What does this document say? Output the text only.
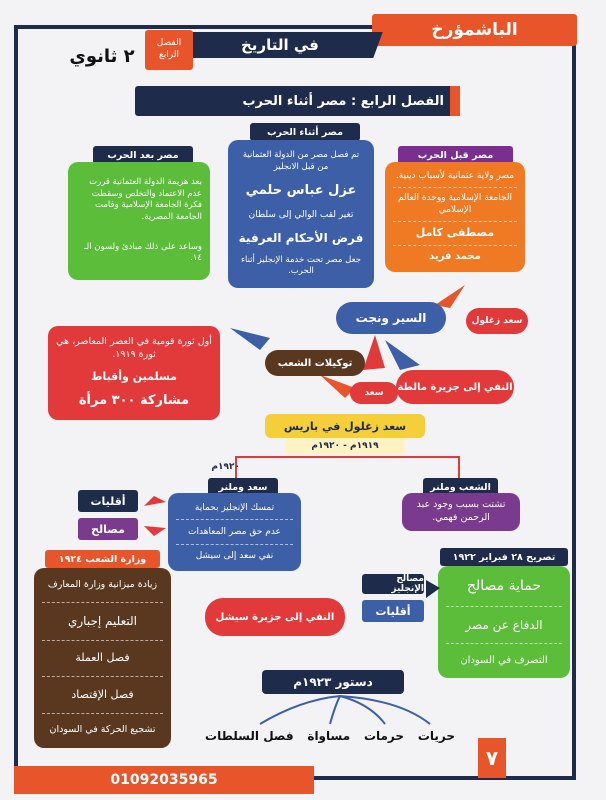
الباشمؤرخ
في التاريخ
الفصل
الرابع
٢ ثانوي
الفصل الرابع : مصر أثناء الحرب
مصر قبل الحرب
مصر ولاية عثمانية لأسباب دينية.
الجامعة الإسلامية ووحدة العالم الإسلامي
مصطفى كامل
محمد فريد
مصر أثناء الحرب
تم فصل مصر من الدولة العثمانية من قبل الانجليز
عزل عباس حلمي
تغير لقب الوالي إلى سلطان
فرض الأحكام العرفية
جعل مصر تحت خدمة الإنجليز أثناء الحرب.
مصر بعد الحرب
بعد هزيمة الدولة العثمانية قررت عدم الاعتماد والتخلص وسقطت فكرة الجامعة الإسلامية وقامت الجامعة المصرية.
وساعد على ذلك مبادئ ولسون الـ ١٤.
سعد زغلول
السير ونجت
توكيلات الشعب
سعد
النفي إلى جزيرة مالطة
أول ثورة قومية في العصر المعاصر، هي ثورة ١٩١٩.
مسلمين وأقباط
مشاركة ٣٠٠ مرأة
سعد زغلول في باريس
١٩١٩م - ١٩٢٠م
١٩٢٠م
سعد وملنر
تمسك الإنجليز بحماية
عدم حق مصر المعاهدات
نفي سعد إلى سيشل
أقليات
مصالح
الشعب وملنر
تشتت بسبب وجود عبد الرحمن فهمي.
تصريح ٢٨ فبراير ١٩٢٢
حماية مصالح
الدفاع عن مصر
التصرف في السودان
مصالح الإنجليز
أقليات
النفي إلى جزيرة سيشل
وزارة الشعب ١٩٢٤
زيادة ميزانية وزارة المعارف
التعليم إجباري
فصل العملة
فصل الإقتصاد
تشجيع الحركة في السودان
دستور ١٩٢٣م
حريات
حرمات
مساواة
فصل السلطات
01092035965
٧
